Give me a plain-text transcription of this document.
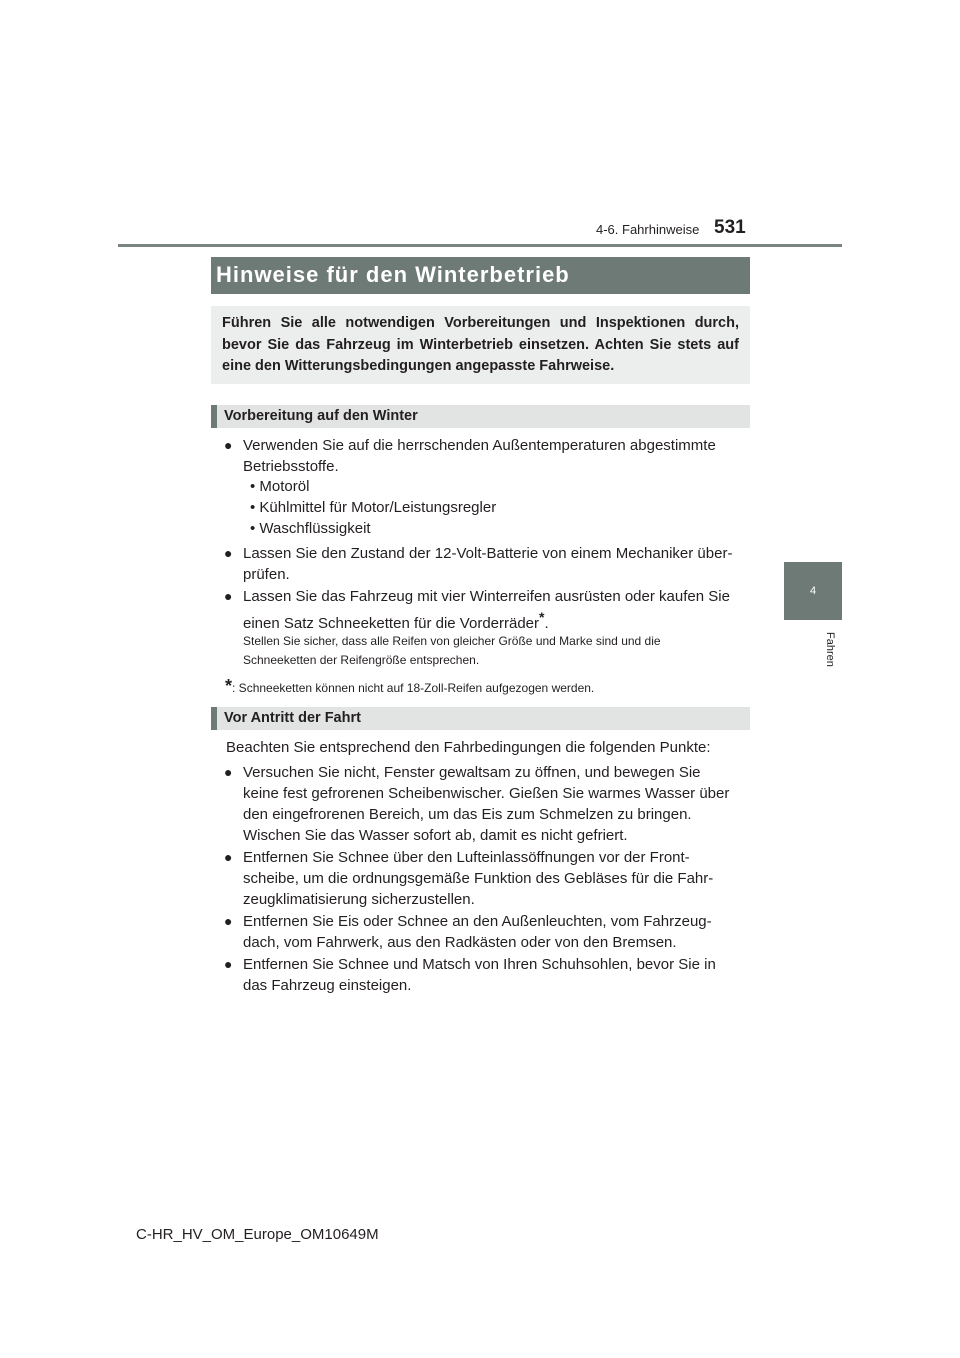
4-6. Fahrhinweise 531
4
Fahren
Hinweise für den Winterbetrieb
Führen Sie alle notwendigen Vorbereitungen und Inspektionen durch, bevor Sie das Fahrzeug im Winterbetrieb einsetzen. Achten Sie stets auf eine den Witterungsbedingungen angepasste Fahrweise.
Vorbereitung auf den Winter
● Verwenden Sie auf die herrschenden Außentemperaturen abgestimmte
Betriebsstoffe.
• Motoröl
• Kühlmittel für Motor/Leistungsregler
• Waschflüssigkeit
● Lassen Sie den Zustand der 12-Volt-Batterie von einem Mechaniker über-
prüfen.
● Lassen Sie das Fahrzeug mit vier Winterreifen ausrüsten oder kaufen Sie
einen Satz Schneeketten für die Vorderräder*.
Stellen Sie sicher, dass alle Reifen von gleicher Größe und Marke sind und die
Schneeketten der Reifengröße entsprechen.
*: Schneeketten können nicht auf 18-Zoll-Reifen aufgezogen werden.
Vor Antritt der Fahrt
Beachten Sie entsprechend den Fahrbedingungen die folgenden Punkte:
● Versuchen Sie nicht, Fenster gewaltsam zu öffnen, und bewegen Sie
keine fest gefrorenen Scheibenwischer. Gießen Sie warmes Wasser über
den eingefrorenen Bereich, um das Eis zum Schmelzen zu bringen.
Wischen Sie das Wasser sofort ab, damit es nicht gefriert.
● Entfernen Sie Schnee über den Lufteinlassöffnungen vor der Front-
scheibe, um die ordnungsgemäße Funktion des Gebläses für die Fahr-
zeugklimatisierung sicherzustellen.
● Entfernen Sie Eis oder Schnee an den Außenleuchten, vom Fahrzeug-
dach, vom Fahrwerk, aus den Radkästen oder von den Bremsen.
● Entfernen Sie Schnee und Matsch von Ihren Schuhsohlen, bevor Sie in
das Fahrzeug einsteigen.
C-HR_HV_OM_Europe_OM10649M
